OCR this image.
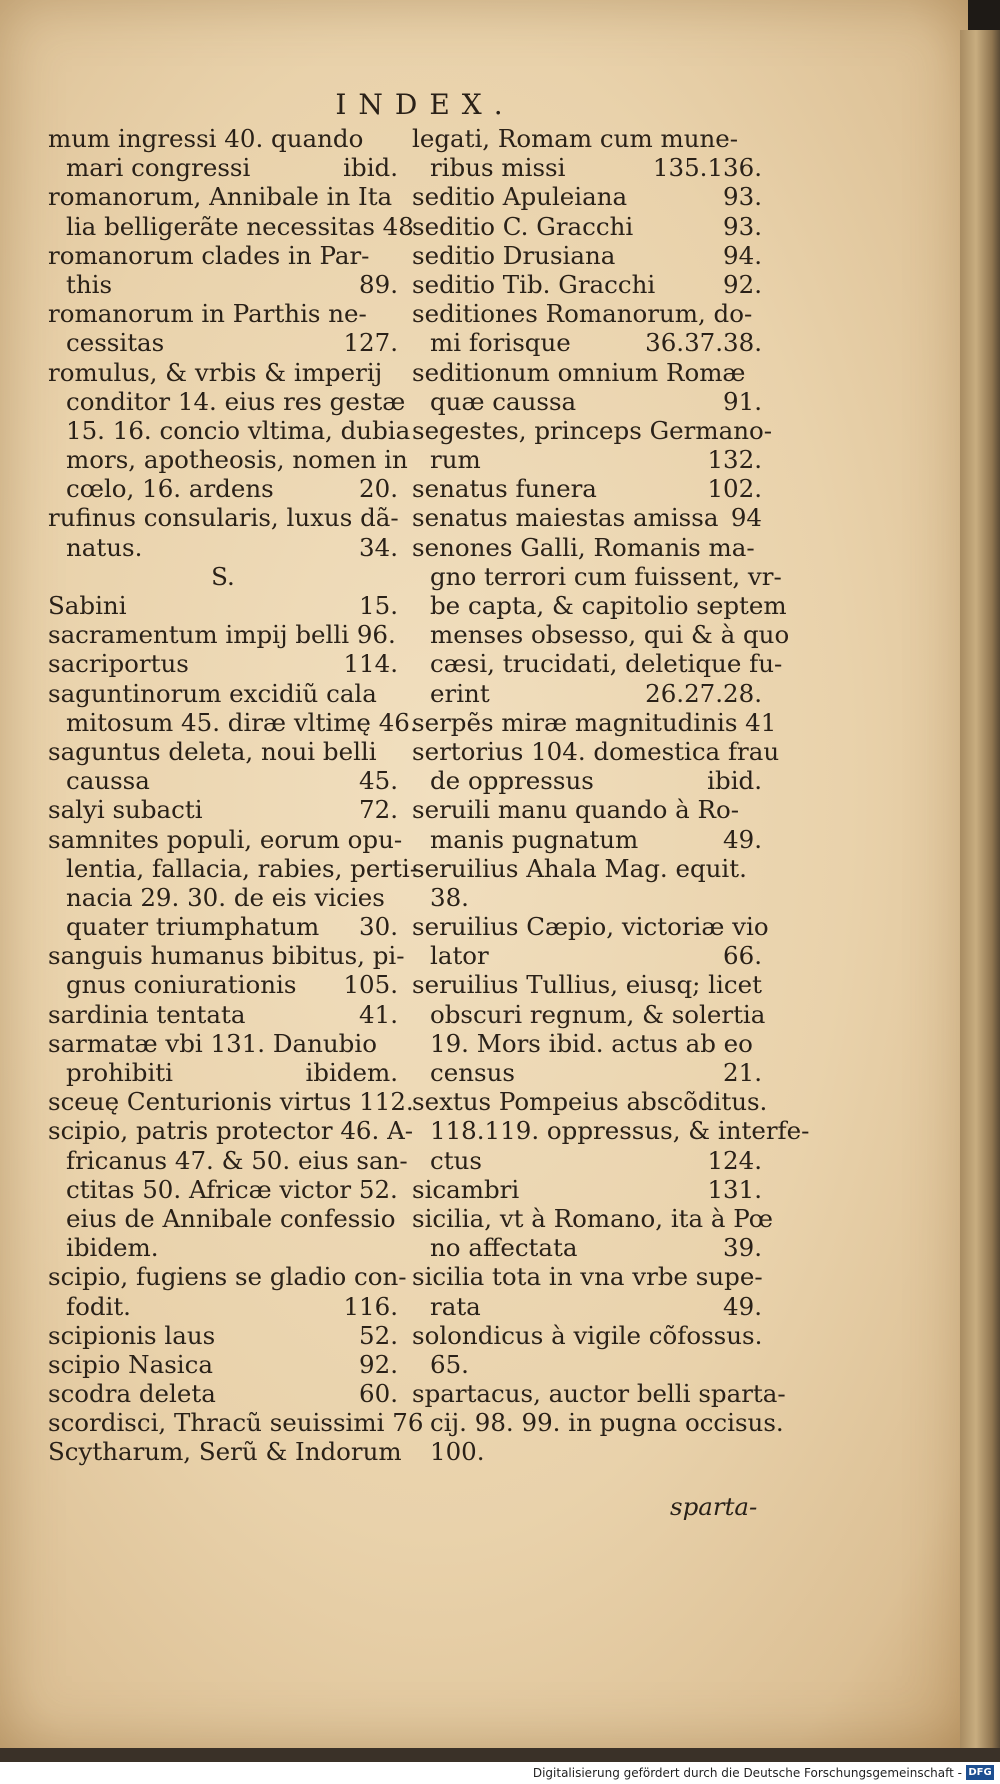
INDEX.
mum ingressi 40. quando
mari congressi	ibid.
romanorum, Annibale in Ita
lia belligerãte necessitas 48
romanorum clades in Par-
this	89.
romanorum in Parthis ne-
cessitas	127.
romulus, & vrbis & imperij
conditor 14. eius res gestæ
15. 16. concio vltima, dubia
mors, apotheosis, nomen in
cœlo, 16. ardens	20.
rufinus consularis, luxus dã-
natus.	34.
S.
Sabini	15.
sacramentum impij belli 96.
sacriportus	114.
saguntinorum excidiũ cala
mitosum 45. diræ vltimę 46.
saguntus deleta, noui belli
caussa	45.
salyi subacti	72.
samnites populi, eorum opu-
lentia, fallacia, rabies, perti-
nacia 29. 30. de eis vicies
quater triumphatum 30.
sanguis humanus bibitus, pi-
gnus coniurationis 105.
sardinia tentata	41.
sarmatæ vbi 131. Danubio
prohibiti	ibidem.
sceuę Centurionis virtus 112.
scipio, patris protector 46. A-
fricanus 47. & 50. eius san-
ctitas 50. Africæ victor 52.
eius de Annibale confessio
ibidem.
scipio, fugiens se gladio con-
fodit.	116.
scipionis laus	52.
scipio Nasica	92.
scodra deleta	60.
scordisci, Thracũ seuissimi 76
Scytharum, Serũ & Indorum
legati, Romam cum mune-
ribus missi	135.136.
seditio Apuleiana	93.
seditio C. Gracchi	93.
seditio Drusiana	94.
seditio Tib. Gracchi	92.
seditiones Romanorum, do-
mi forisque	36.37.38.
seditionum omnium Romæ
quæ caussa	91.
segestes, princeps Germano-
rum	132.
senatus funera	102.
senatus maiestas amissa 94
senones Galli, Romanis ma-
gno terrori cum fuissent, vr-
be capta, & capitolio septem
menses obsesso, qui & à quo
cæsi, trucidati, deletique fu-
erint	26.27.28.
serpẽs miræ magnitudinis 41
sertorius 104. domestica frau
de oppressus	ibid.
seruili manu quando à Ro-
manis pugnatum	49.
seruilius Ahala Mag. equit.
38.
seruilius Cæpio, victoriæ vio
lator	66.
seruilius Tullius, eiusq; licet
obscuri regnum, & solertia
19. Mors ibid. actus ab eo
census	21.
sextus Pompeius abscõditus.
118.119. oppressus, & interfe-
ctus	124.
sicambri	131.
sicilia, vt à Romano, ita à Pœ
no affectata	39.
sicilia tota in vna vrbe supe-
rata	49.
solondicus à vigile cõfossus.
65.
spartacus, auctor belli sparta-
cij. 98. 99. in pugna occisus.
100.
sparta-
Digitalisierung gefördert durch die Deutsche Forschungsgemeinschaft - DFG
